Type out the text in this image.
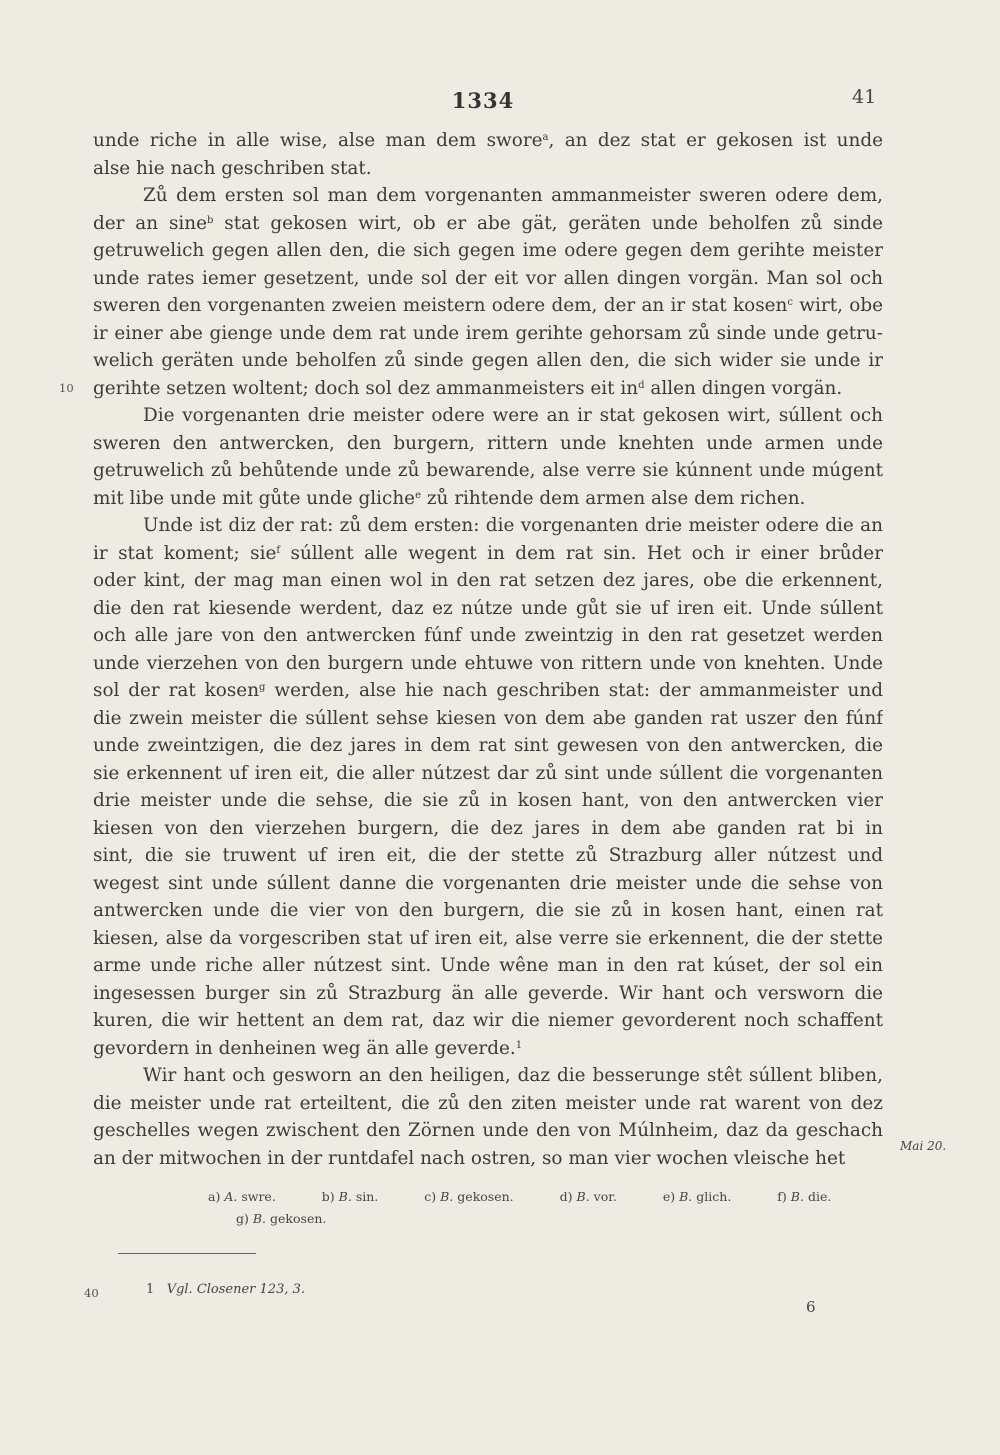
1334	41
unde riche in alle wise, alse man dem swore$^a$, an dez stat er gekosen ist unde
alse hie nach geschriben stat.
Zů dem ersten sol man dem vorgenanten ammanmeister sweren odere dem,
der an sine$^b$ stat gekosen wirt, ob er abe gät, geräten unde beholfen zů sinde
getruwelich gegen allen den, die sich gegen ime odere gegen dem gerihte meister
unde rates iemer gesetzent, unde sol der eit vor allen dingen vorgän. Man sol och
sweren den vorgenanten zweien meistern odere dem, der an ir stat kosen$^c$ wirt, obe
ir einer abe gienge unde dem rat unde irem gerihte gehorsam zů sinde unde getru-
welich geräten unde beholfen zů sinde gegen allen den, die sich wider sie unde ir
10 gerihte setzen woltent; doch sol dez ammanmeisters eit $in^d$ allen dingen vorgän.
Die vorgenanten drie meister odere were an ir stat gekosen wirt, súllent och
sweren den antwercken, den burgern, rittern unde knehten unde armen unde
getruwelich zů behůtende unde zů bewarende, alse verre sie kúnnent unde múgent
mit libe unde mit gůte unde gliche$^e$ zů rihtende dem armen alse dem richen.
Unde ist diz der rat: zů dem ersten: die vorgenanten drie meister odere die an
ir stat koment; sie$^f$ súllent alle wegent in dem rat sin. Het och ir einer brůder
oder kint, der mag man einen wol in den rat setzen dez jares, obe die erkennent,
die den rat kiesende werdent, daz ez nútze unde gůt sie uf iren eit. Unde súllent
och alle jare von den antwercken fúnf unde zweintzig in den rat gesetzet werden
unde vierzehen von den burgern unde ehtuwe von rittern unde von knehten. Unde
sol der rat kosen$^g$ werden, alse hie nach geschriben stat: der ammanmeister und
die zwein meister die súllent sehse kiesen von dem abe ganden rat uszer den fúnf
unde zweintzigen, die dez jares in dem rat sint gewesen von den antwercken, die
sie erkennent uf iren eit, die aller nútzest dar zů sint unde súllent die vorgenanten
drie meister unde die sehse, die sie zů in kosen hant, von den antwercken vier
kiesen von den vierzehen burgern, die dez jares in dem abe ganden rat bi in
sint, die sie truwent uf iren eit, die der stette zů Strazburg aller nútzest und
wegest sint unde súllent danne die vorgenanten drie meister unde die sehse von
antwercken unde die vier von den burgern, die sie zů in kosen hant, einen rat
kiesen, alse da vorgescriben stat uf iren eit, alse verre sie erkennent, die der stette
arme unde riche aller nútzest sint. Unde wêne man in den rat kúset, der sol ein
ingesessen burger sin zů Strazburg än alle geverde. Wir hant och versworn die
kuren, die wir hettent an dem rat, daz wir die niemer gevorderent noch schaffent
gevordern in denheinen weg än alle geverde.$^1$
Wir hant och gesworn an den heiligen, daz die besserunge stêt súllent bliben,
die meister unde rat erteiltent, die zů den ziten meister unde rat warent von dez
geschelles wegen zwischent den Zörnen unde den von Múlnheim, daz da geschach
an der mitwochen in der runtdafel nach ostren, so man vier wochen vleische het
Mai 20.
a) A. swre.	b) B. sin.	c) B. gekosen.	d) B. vor.	e) B. glich.	f) B. die.
g) B. gekosen.
40	1 Vgl. Closener 123, 3.
6
